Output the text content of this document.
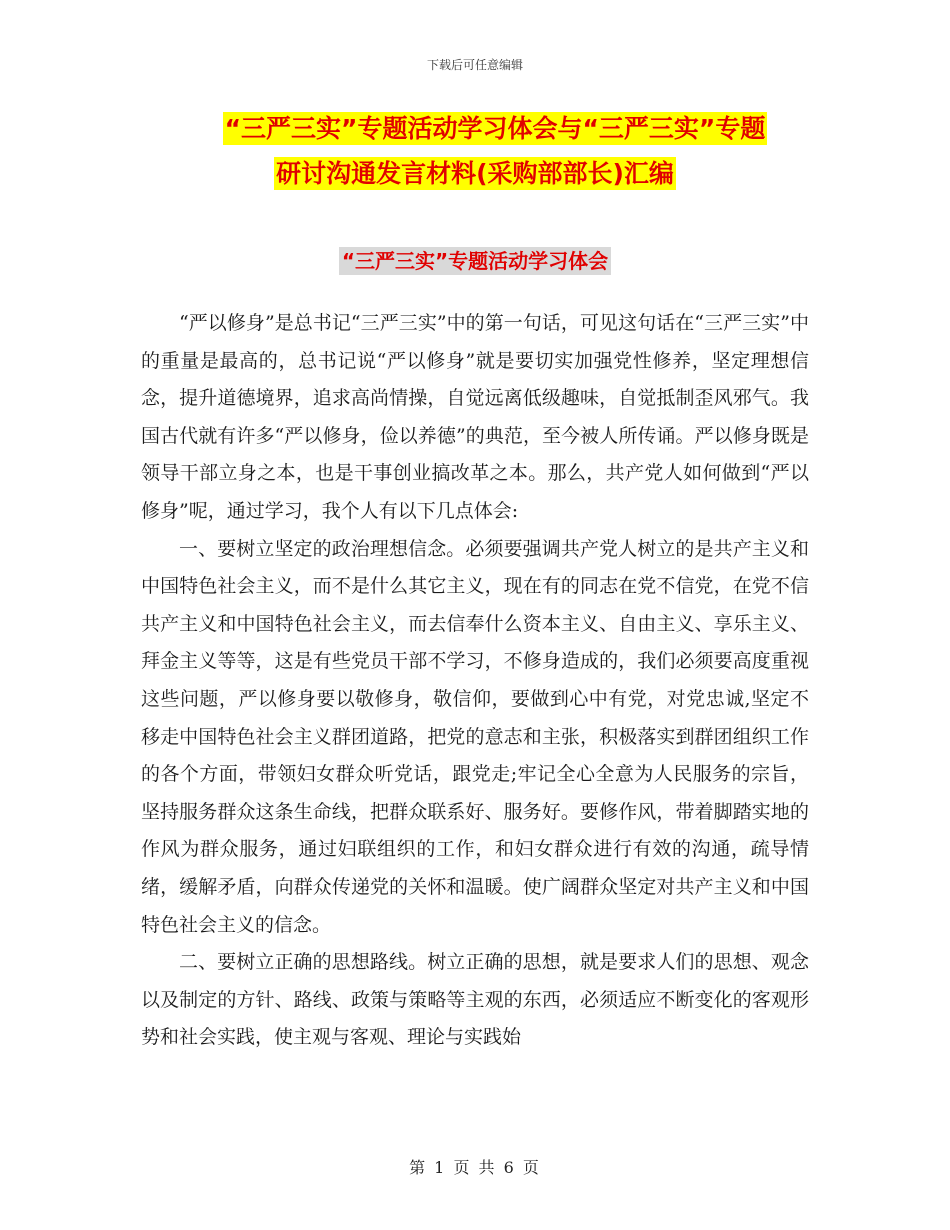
下载后可任意编辑
“三严三实”专题活动学习体会与“三严三实”专题
研讨沟通发言材料(采购部部长)汇编
“三严三实”专题活动学习体会

“严以修身”是总书记“三严三实”中的第一句话，可见这句话在“三严三实”中的重量是最高的，总书记说“严以修身”就是要切实加强党性修养，坚定理想信念，提升道德境界，追求高尚情操，自觉远离低级趣味，自觉抵制歪风邪气。我国古代就有许多“严以修身，俭以养德”的典范，至今被人所传诵。严以修身既是领导干部立身之本，也是干事创业搞改革之本。那么，共产党人如何做到“严以修身”呢，通过学习，我个人有以下几点体会:

一、要树立坚定的政治理想信念。必须要强调共产党人树立的是共产主义和中国特色社会主义，而不是什么其它主义，现在有的同志在党不信党，在党不信共产主义和中国特色社会主义，而去信奉什么资本主义、自由主义、享乐主义、拜金主义等等，这是有些党员干部不学习，不修身造成的，我们必须要高度重视这些问题，严以修身要以敬修身，敬信仰，要做到心中有党，对党忠诚,坚定不移走中国特色社会主义群团道路，把党的意志和主张，积极落实到群团组织工作的各个方面，带领妇女群众听党话，跟党走;牢记全心全意为人民服务的宗旨，坚持服务群众这条生命线，把群众联系好、服务好。要修作风，带着脚踏实地的作风为群众服务，通过妇联组织的工作，和妇女群众进行有效的沟通，疏导情绪，缓解矛盾，向群众传递党的关怀和温暖。使广阔群众坚定对共产主义和中国特色社会主义的信念。

二、要树立正确的思想路线。树立正确的思想，就是要求人们的思想、观念以及制定的方针、路线、政策与策略等主观的东西，必须适应不断变化的客观形势和社会实践，使主观与客观、理论与实践始

第 1 页 共 6 页
